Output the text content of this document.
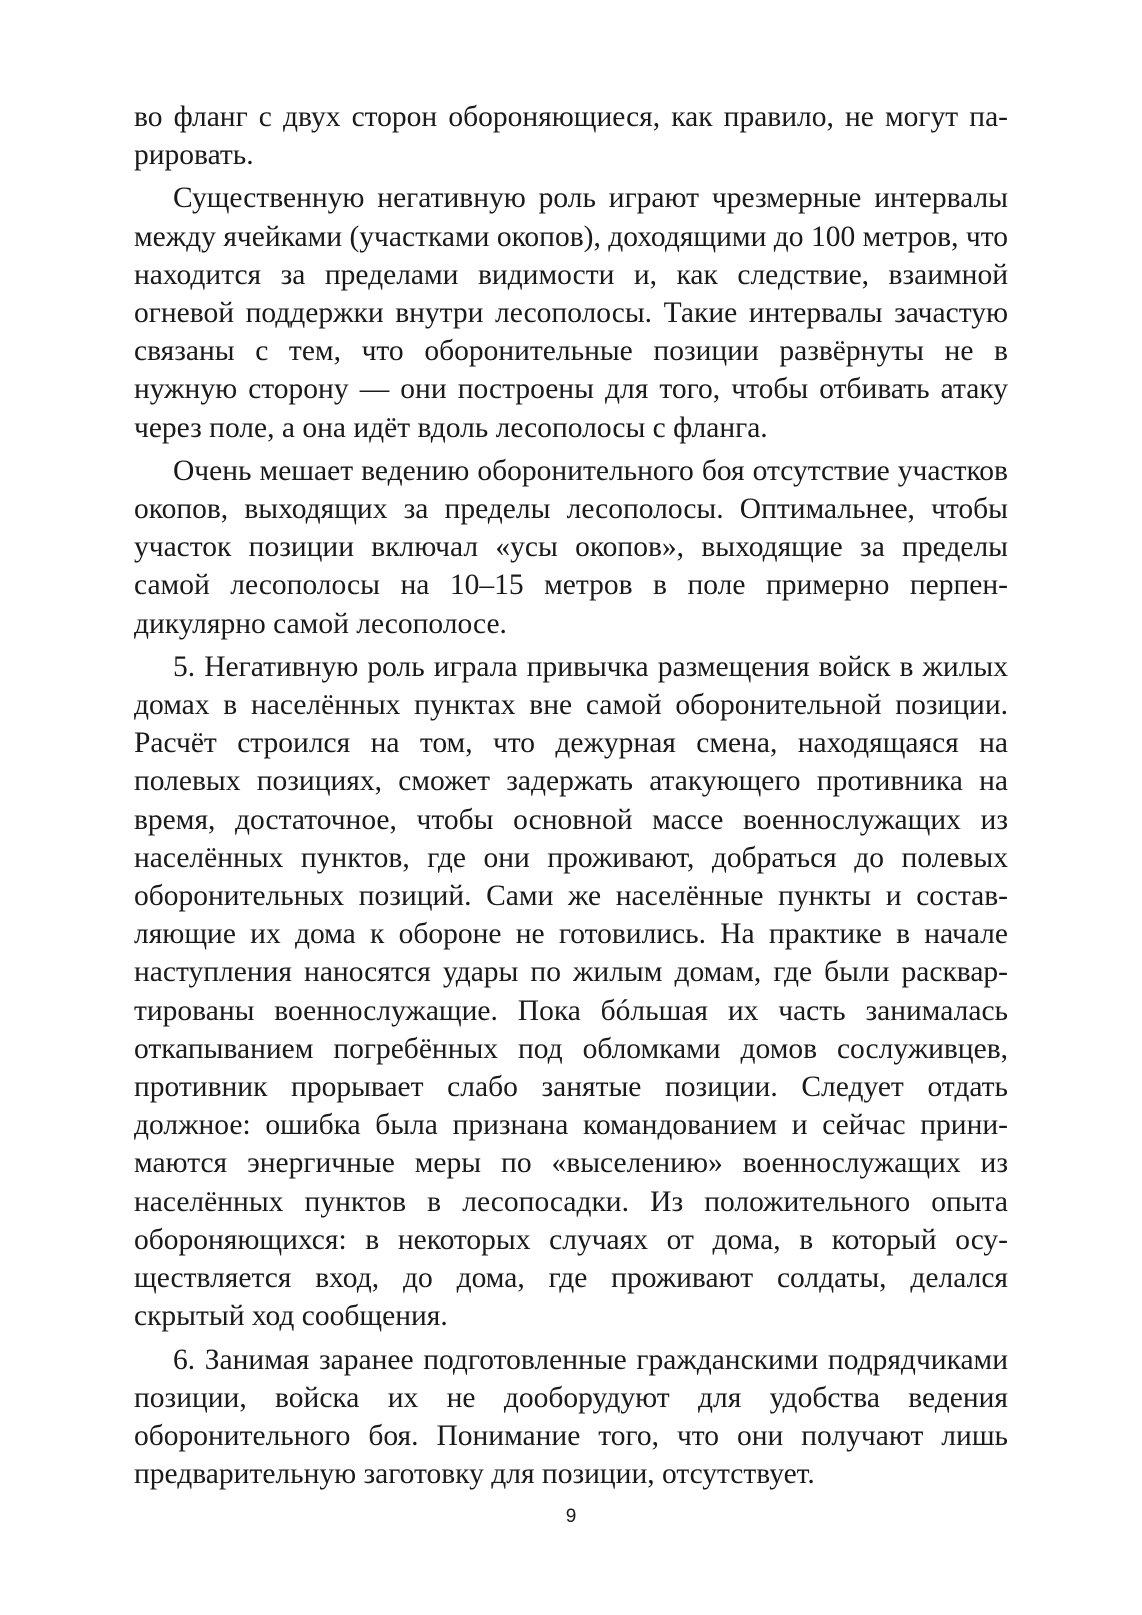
во фланг с двух сторон обороняющиеся, как правило, не могут парировать.

Существенную негативную роль играют чрезмерные интервалы между ячейками (участками окопов), доходящими до 100 метров, что находится за пределами видимости и, как следствие, взаимной огневой поддержки внутри лесополосы. Такие интервалы зачастую связаны с тем, что оборонительные позиции развёрнуты не в нужную сторону — они построены для того, чтобы отбивать атаку через поле, а она идёт вдоль лесополосы с фланга.

Очень мешает ведению оборонительного боя отсутствие участков окопов, выходящих за пределы лесополосы. Оптимальнее, чтобы участок позиции включал «усы окопов», выходящие за пределы самой лесополосы на 10–15 метров в поле примерно перпендикулярно самой лесополосе.

5. Негативную роль играла привычка размещения войск в жилых домах в населённых пунктах вне самой оборонительной позиции. Расчёт строился на том, что дежурная смена, находящаяся на полевых позициях, сможет задержать атакующего противника на время, достаточное, чтобы основной массе военнослужащих из населённых пунктов, где они проживают, добраться до полевых оборонительных позиций. Сами же населённые пункты и составляющие их дома к обороне не готовились. На практике в начале наступления наносятся удары по жилым домам, где были расквартированы военнослужащие. Пока бóльшая их часть занималась откапыванием погребённых под обломками домов сослуживцев, противник прорывает слабо занятые позиции. Следует отдать должное: ошибка была признана командованием и сейчас принимаются энергичные меры по «выселению» военнослужащих из населённых пунктов в лесопосадки. Из положительного опыта обороняющихся: в некоторых случаях от дома, в который осуществляется вход, до дома, где проживают солдаты, делался скрытый ход сообщения.

6. Занимая заранее подготовленные гражданскими подрядчиками позиции, войска их не дооборудуют для удобства ведения оборонительного боя. Понимание того, что они получают лишь предварительную заготовку для позиции, отсутствует.

9
